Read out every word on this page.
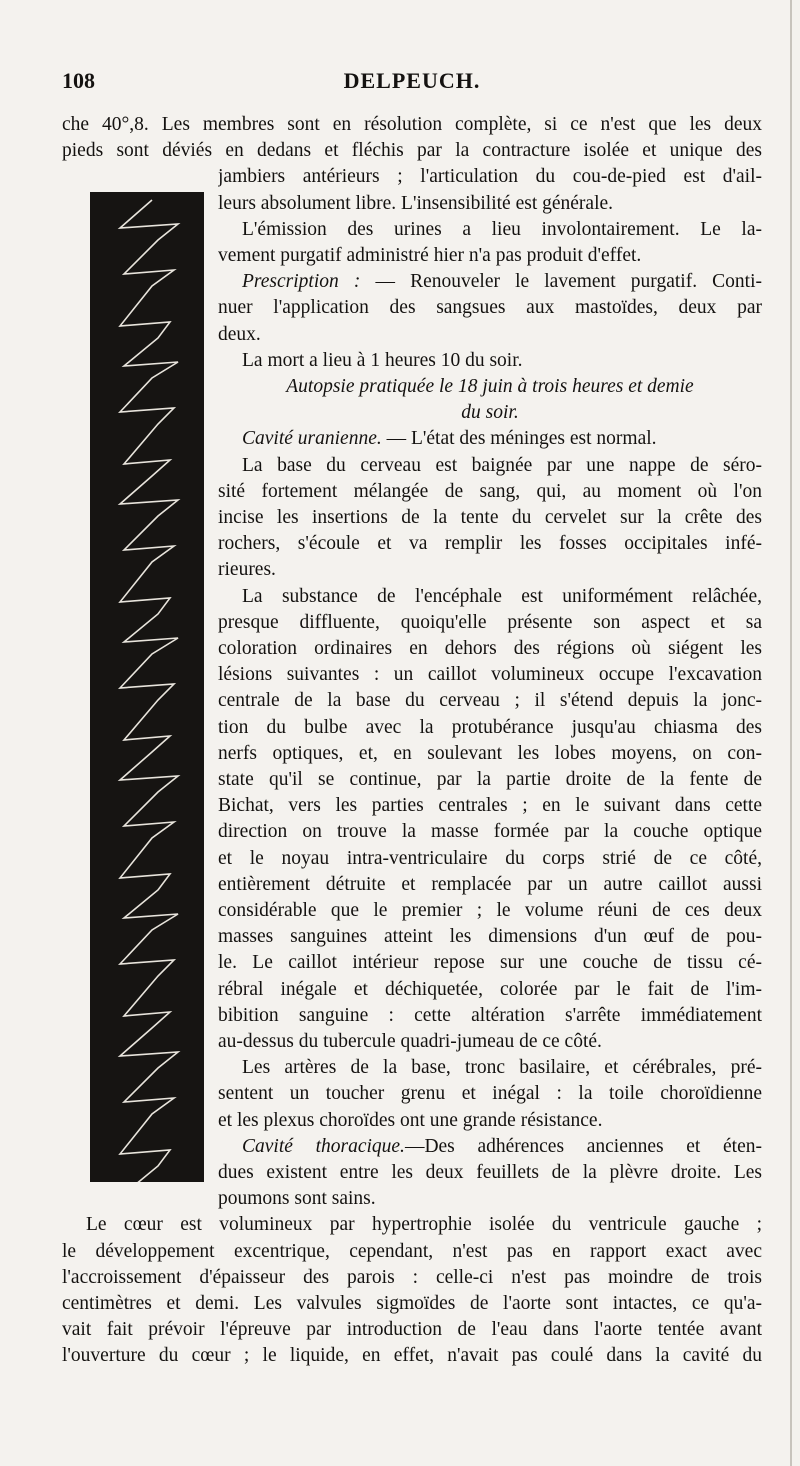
108	DELPEUCH.
che 40°,8. Les membres sont en résolution complète, si ce n'est que les deux
pieds sont déviés en dedans et fléchis par la contracture isolée et unique des
jambiers antérieurs ; l'articulation du cou-de-pied est d'ail-
leurs absolument libre. L'insensibilité est générale.
L'émission des urines a lieu involontairement. Le la-
vement purgatif administré hier n'a pas produit d'effet.
Prescription : — Renouveler le lavement purgatif. Conti-
nuer l'application des sangsues aux mastoïdes, deux par
deux.
La mort a lieu à 1 heures 10 du soir.
Autopsie pratiquée le 18 juin à trois heures et demie
du soir.
Cavité uranienne. — L'état des méninges est normal.
La base du cerveau est baignée par une nappe de séro-
sité fortement mélangée de sang, qui, au moment où l'on
incise les insertions de la tente du cervelet sur la crête des
rochers, s'écoule et va remplir les fosses occipitales infé-
rieures.
La substance de l'encéphale est uniformément relâchée,
presque diffluente, quoiqu'elle présente son aspect et sa
coloration ordinaires en dehors des régions où siégent les
lésions suivantes : un caillot volumineux occupe l'excavation
centrale de la base du cerveau ; il s'étend depuis la jonc-
tion du bulbe avec la protubérance jusqu'au chiasma des
nerfs optiques, et, en soulevant les lobes moyens, on con-
state qu'il se continue, par la partie droite de la fente de
Bichat, vers les parties centrales ; en le suivant dans cette
direction on trouve la masse formée par la couche optique
et le noyau intra-ventriculaire du corps strié de ce côté,
entièrement détruite et remplacée par un autre caillot aussi
considérable que le premier ; le volume réuni de ces deux
masses sanguines atteint les dimensions d'un œuf de pou-
le. Le caillot intérieur repose sur une couche de tissu cé-
rébral inégale et déchiquetée, colorée par le fait de l'im-
bibition sanguine : cette altération s'arrête immédiatement
au-dessus du tubercule quadri-jumeau de ce côté.
Les artères de la base, tronc basilaire, et cérébrales, pré-
sentent un toucher grenu et inégal : la toile choroïdienne
et les plexus choroïdes ont une grande résistance.
Cavité thoracique.—Des adhérences anciennes et éten-
dues existent entre les deux feuillets de la plèvre droite. Les
poumons sont sains.
Le cœur est volumineux par hypertrophie isolée du ventricule gauche ;
le développement excentrique, cependant, n'est pas en rapport exact avec
l'accroissement d'épaisseur des parois : celle-ci n'est pas moindre de trois
centimètres et demi. Les valvules sigmoïdes de l'aorte sont intactes, ce qu'a-
vait fait prévoir l'épreuve par introduction de l'eau dans l'aorte tentée avant
l'ouverture du cœur ; le liquide, en effet, n'avait pas coulé dans la cavité du
